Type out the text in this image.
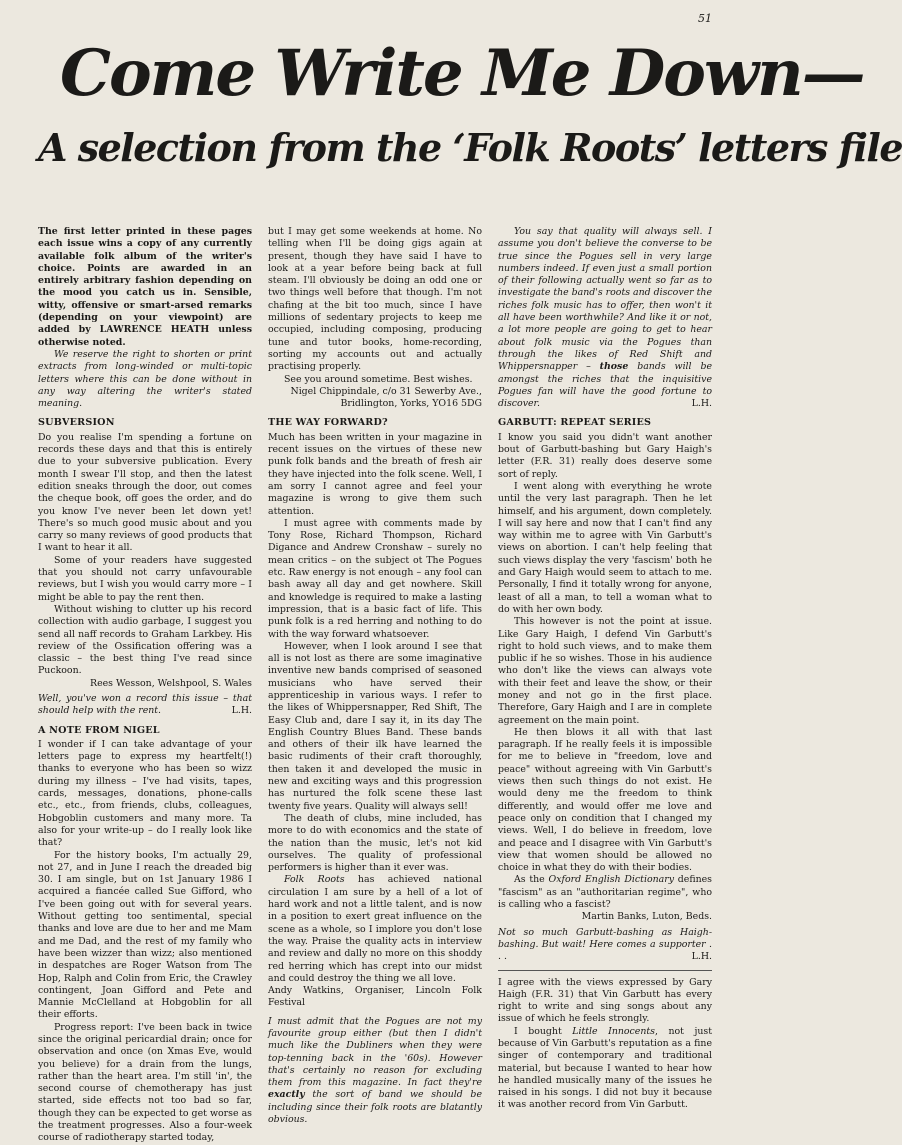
51
Come Write Me Down—
A selection from the ‘Folk Roots’ letters file

The first letter printed in these pages each issue wins a copy of any currently available folk album of the writer's choice. Points are awarded in an entirely arbitrary fashion depending on the mood you catch us in. Sensible, witty, offensive or smart-arsed remarks (depending on your viewpoint) are added by LAWRENCE HEATH unless otherwise noted.

We reserve the right to shorten or print extracts from long-winded or multi-topic letters where this can be done without in any way altering the writer's stated meaning.

SUBVERSION

Do you realise I'm spending a fortune on records these days and that this is entirely due to your subversive publication. Every month I swear I'll stop, and then the latest edition sneaks through the door, out comes the cheque book, off goes the order, and do you know I've never been let down yet! There's so much good music about and you carry so many reviews of good products that I want to hear it all.

Some of your readers have suggested that you should not carry unfavourable reviews, but I wish you would carry more – I might be able to pay the rent then.

Without wishing to clutter up his record collection with audio garbage, I suggest you send all naff records to Graham Larkbey. His review of the Ossification offering was a classic – the best thing I've read since Puckoon.

Rees Wesson, Welshpool, S. Wales

Well, you've won a record this issue – that should help with the rent.	L.H.
A NOTE FROM NIGEL

I wonder if I can take advantage of your letters page to express my heartfelt(!) thanks to everyone who has been so wizz during my illness – I've had visits, tapes, cards, messages, donations, phone-calls etc., etc., from friends, clubs, colleagues, Hobgoblin customers and many more. Ta also for your write-up – do I really look like that?

For the history books, I'm actually 29, not 27, and in June I reach the dreaded big 30. I am single, but on 1st January 1986 I acquired a fiancée called Sue Gifford, who I've been going out with for several years. Without getting too sentimental, special thanks and love are due to her and me Mam and me Dad, and the rest of my family who have been wizzer than wizz; also mentioned in despatches are Roger Watson from The Hop, Ralph and Colin from Eric, the Crawley contingent, Joan Gifford and Pete and Mannie McClelland at Hobgoblin for all their efforts.

Progress report: I've been back in twice since the original pericardial drain; once for observation and once (on Xmas Eve, would you believe) for a drain from the lungs, rather than the heart area. I'm still 'in', the second course of chemotherapy has just started, side effects not too bad so far, though they can be expected to get worse as the treatment progresses. Also a four-week course of radiotherapy started today,

but I may get some weekends at home. No telling when I'll be doing gigs again at present, though they have said I have to look at a year before being back at full steam. I'll obviously be doing an odd one or two things well before that though. I'm not chafing at the bit too much, since I have millions of sedentary projects to keep me occupied, including composing, producing tune and tutor books, home-recording, sorting my accounts out and actually practising properly.

See you around sometime. Best wishes.

Nigel Chippindale, c/o 31 Sewerby Ave., Bridlington, Yorks, YO16 5DG

THE WAY FORWARD?

Much has been written in your magazine in recent issues on the virtues of these new punk folk bands and the breath of fresh air they have injected into the folk scene. Well, I am sorry I cannot agree and feel your magazine is wrong to give them such attention.

I must agree with comments made by Tony Rose, Richard Thompson, Richard Digance and Andrew Cronshaw – surely no mean critics – on the subject ot The Pogues etc. Raw energy is not enough – any fool can bash away all day and get nowhere. Skill and knowledge is required to make a lasting impression, that is a basic fact of life. This punk folk is a red herring and nothing to do with the way forward whatsoever.

However, when I look around I see that all is not lost as there are some imaginative inventive new bands comprised of seasoned musicians who have served their apprenticeship in various ways. I refer to the likes of Whippersnapper, Red Shift, The Easy Club and, dare I say it, in its day The English Country Blues Band. These bands and others of their ilk have learned the basic rudiments of their craft thoroughly, then taken it and developed the music in new and exciting ways and this progression has nurtured the folk scene these last twenty five years. Quality will always sell!

The death of clubs, mine included, has more to do with economics and the state of the nation than the music, let's not kid ourselves. The quality of professional performers is higher than it ever was.

Folk Roots has achieved national circulation I am sure by a hell of a lot of hard work and not a little talent, and is now in a position to exert great influence on the scene as a whole, so I implore you don't lose the way. Praise the quality acts in interview and review and dally no more on this shoddy red herring which has crept into our midst and could destroy the thing we all love.

Andy Watkins, Organiser, Lincoln Folk Festival

I must admit that the Pogues are not my favourite group either (but then I didn't much like the Dubliners when they were top-tenning back in the '60s). However that's certainly no reason for excluding them from this magazine. In fact they're exactly the sort of band we should be including since their folk roots are blatantly obvious.

You say that quality will always sell. I assume you don't believe the converse to be true since the Pogues sell in very large numbers indeed. If even just a small portion of their following actually went so far as to investigate the band's roots and discover the riches folk music has to offer, then won't it all have been worthwhile? And like it or not, a lot more people are going to get to hear about folk music via the Pogues than through the likes of Red Shift and Whippersnapper – those bands will be amongst the riches that the inquisitive Pogues fan will have the good fortune to discover.	L.H.
GARBUTT: REPEAT SERIES

I know you said you didn't want another bout of Garbutt-bashing but Gary Haigh's letter (F.R. 31) really does deserve some sort of reply.

I went along with everything he wrote until the very last paragraph. Then he let himself, and his argument, down completely. I will say here and now that I can't find any way within me to agree with Vin Garbutt's views on abortion. I can't help feeling that such views display the very 'fascism' both he and Gary Haigh would seem to attach to me. Personally, I find it totally wrong for anyone, least of all a man, to tell a woman what to do with her own body.

This however is not the point at issue. Like Gary Haigh, I defend Vin Garbutt's right to hold such views, and to make them public if he so wishes. Those in his audience who don't like the views can always vote with their feet and leave the show, or their money and not go in the first place. Therefore, Gary Haigh and I are in complete agreement on the main point.

He then blows it all with that last paragraph. If he really feels it is impossible for me to believe in "freedom, love and peace" without agreeing with Vin Garbutt's views then such things do not exist. He would deny me the freedom to think differently, and would offer me love and peace only on condition that I changed my views. Well, I do believe in freedom, love and peace and I disagree with Vin Garbutt's view that women should be allowed no choice in what they do with their bodies.

As the Oxford English Dictionary defines "fascism" as an "authoritarian regime", who is calling who a fascist?

Martin Banks, Luton, Beds.

Not so much Garbutt-bashing as Haigh-bashing. But wait! Here comes a supporter . . .	L.H.

I agree with the views expressed by Gary Haigh (F.R. 31) that Vin Garbutt has every right to write and sing songs about any issue of which he feels strongly.

I bought Little Innocents, not just because of Vin Garbutt's reputation as a fine singer of contemporary and traditional material, but because I wanted to hear how he handled musically many of the issues he raised in his songs. I did not buy it because it was another record from Vin Garbutt.
